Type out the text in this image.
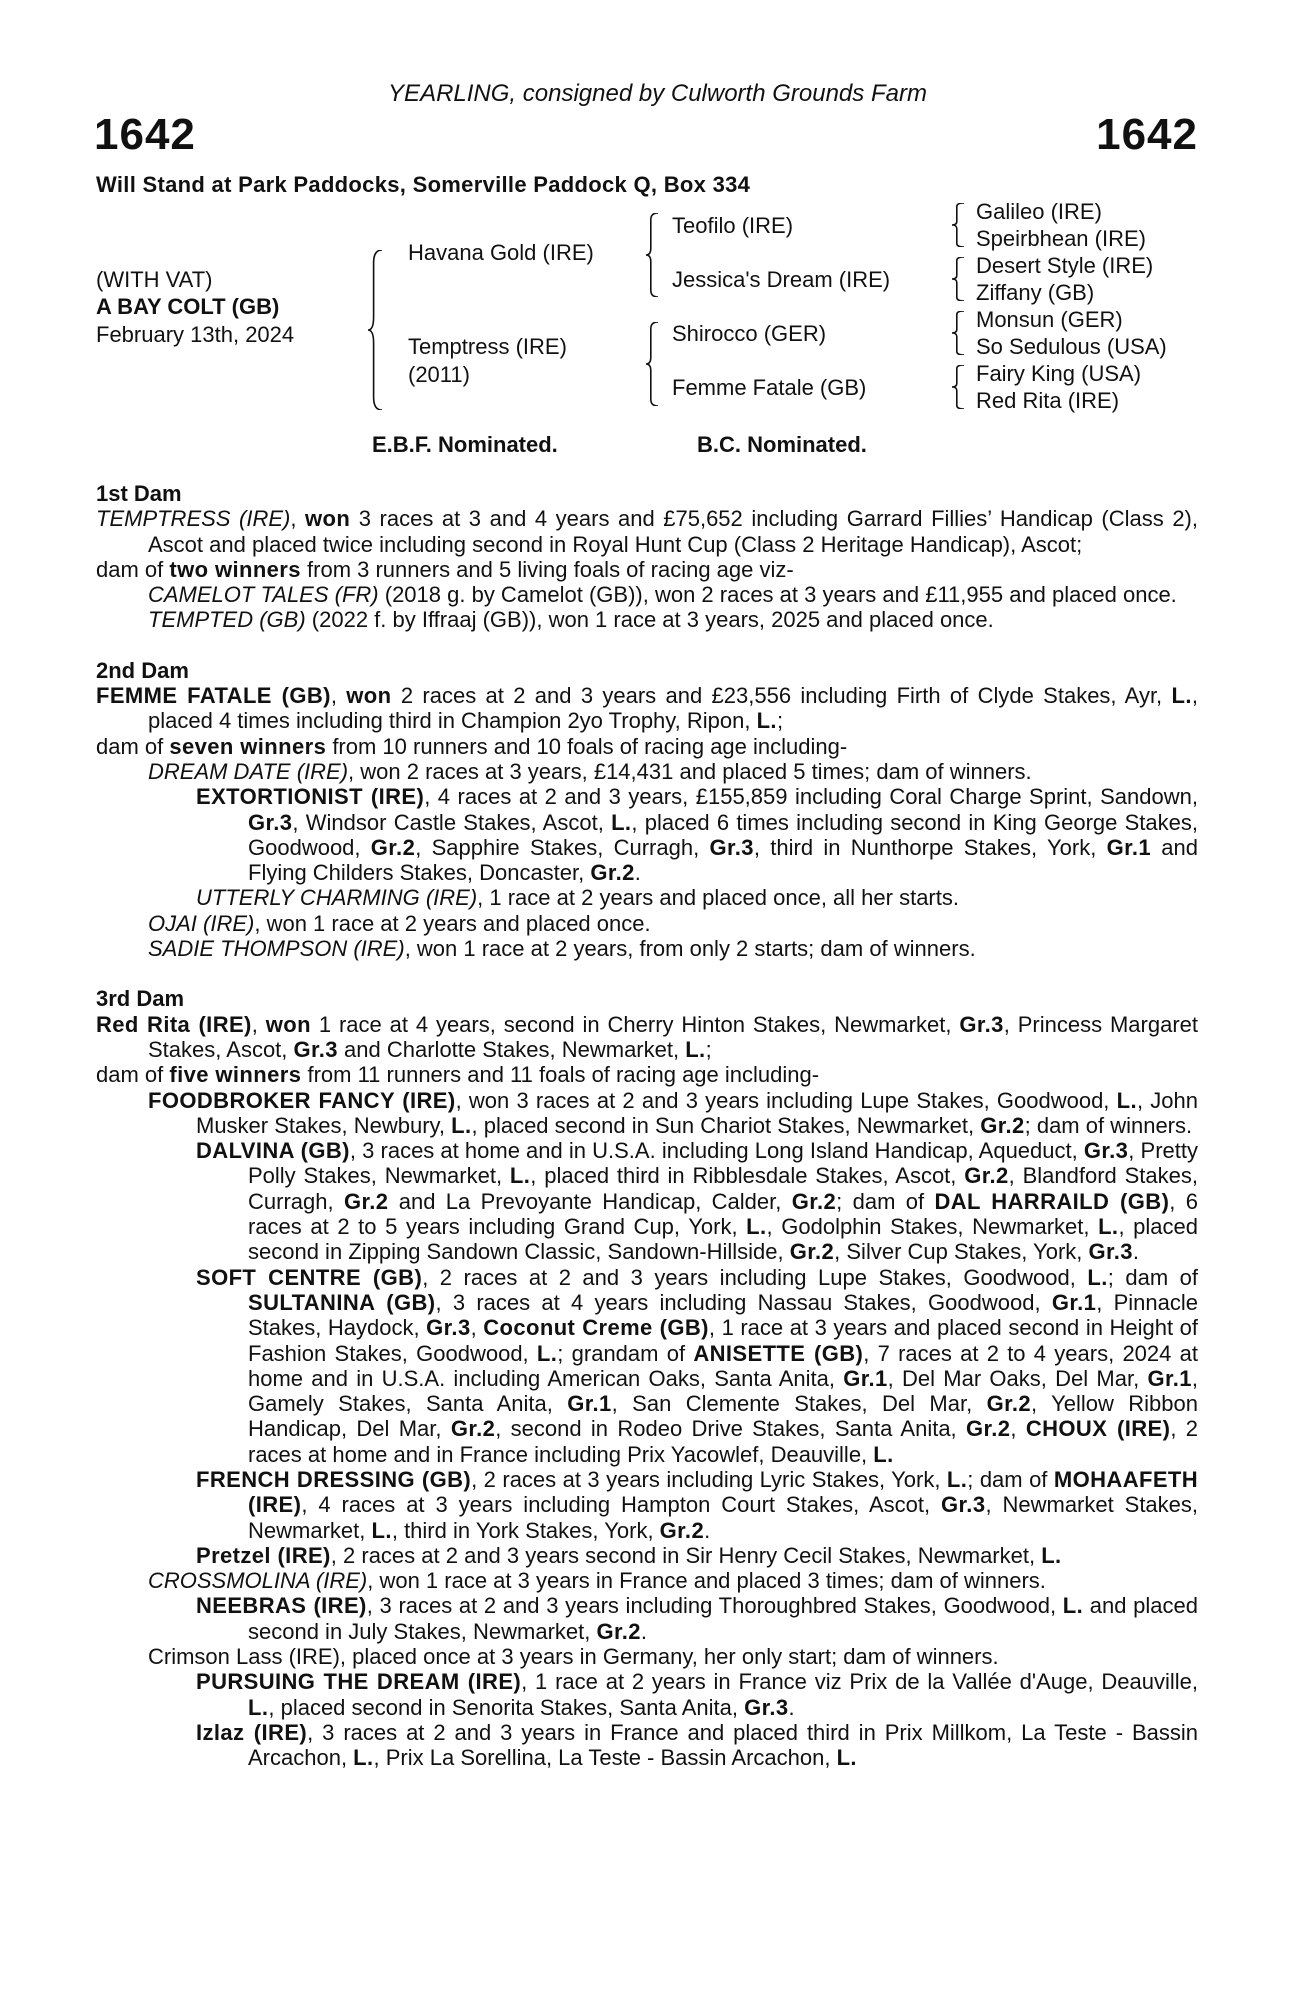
YEARLING, consigned by Culworth Grounds Farm
1642	1642
Will Stand at Park Paddocks, Somerville Paddock Q, Box 334
(WITH VAT)
A BAY COLT (GB)
February 13th, 2024
Havana Gold (IRE)
Temptress (IRE)
(2011)
Teofilo (IRE)
Jessica's Dream (IRE)
Shirocco (GER)
Femme Fatale (GB)
Galileo (IRE)
Speirbhean (IRE)
Desert Style (IRE)
Ziffany (GB)
Monsun (GER)
So Sedulous (USA)
Fairy King (USA)
Red Rita (IRE)
E.B.F. Nominated.	B.C. Nominated.
1st Dam

TEMPTRESS (IRE), won 3 races at 3 and 4 years and £75,652 including Garrard Fillies’ Handicap (Class 2), Ascot and placed twice including second in Royal Hunt Cup (Class 2 Heritage Handicap), Ascot;

dam of two winners from 3 runners and 5 living foals of racing age viz-

CAMELOT TALES (FR) (2018 g. by Camelot (GB)), won 2 races at 3 years and £11,955 and placed once.

TEMPTED (GB) (2022 f. by Iffraaj (GB)), won 1 race at 3 years, 2025 and placed once.

2nd Dam

FEMME FATALE (GB), won 2 races at 2 and 3 years and £23,556 including Firth of Clyde Stakes, Ayr, L., placed 4 times including third in Champion 2yo Trophy, Ripon, L.;

dam of seven winners from 10 runners and 10 foals of racing age including-

DREAM DATE (IRE), won 2 races at 3 years, £14,431 and placed 5 times; dam of winners.

EXTORTIONIST (IRE), 4 races at 2 and 3 years, £155,859 including Coral Charge Sprint, Sandown, Gr.3, Windsor Castle Stakes, Ascot, L., placed 6 times including second in King George Stakes, Goodwood, Gr.2, Sapphire Stakes, Curragh, Gr.3, third in Nunthorpe Stakes, York, Gr.1 and Flying Childers Stakes, Doncaster, Gr.2.

UTTERLY CHARMING (IRE), 1 race at 2 years and placed once, all her starts.

OJAI (IRE), won 1 race at 2 years and placed once.

SADIE THOMPSON (IRE), won 1 race at 2 years, from only 2 starts; dam of winners.

3rd Dam

Red Rita (IRE), won 1 race at 4 years, second in Cherry Hinton Stakes, Newmarket, Gr.3, Princess Margaret Stakes, Ascot, Gr.3 and Charlotte Stakes, Newmarket, L.;

dam of five winners from 11 runners and 11 foals of racing age including-

FOODBROKER FANCY (IRE), won 3 races at 2 and 3 years including Lupe Stakes, Goodwood, L., John Musker Stakes, Newbury, L., placed second in Sun Chariot Stakes, Newmarket, Gr.2; dam of winners.

DALVINA (GB), 3 races at home and in U.S.A. including Long Island Handicap, Aqueduct, Gr.3, Pretty Polly Stakes, Newmarket, L., placed third in Ribblesdale Stakes, Ascot, Gr.2, Blandford Stakes, Curragh, Gr.2 and La Prevoyante Handicap, Calder, Gr.2; dam of DAL HARRAILD (GB), 6 races at 2 to 5 years including Grand Cup, York, L., Godolphin Stakes, Newmarket, L., placed second in Zipping Sandown Classic, Sandown-Hillside, Gr.2, Silver Cup Stakes, York, Gr.3.

SOFT CENTRE (GB), 2 races at 2 and 3 years including Lupe Stakes, Goodwood, L.; dam of SULTANINA (GB), 3 races at 4 years including Nassau Stakes, Goodwood, Gr.1, Pinnacle Stakes, Haydock, Gr.3, Coconut Creme (GB), 1 race at 3 years and placed second in Height of Fashion Stakes, Goodwood, L.; grandam of ANISETTE (GB), 7 races at 2 to 4 years, 2024 at home and in U.S.A. including American Oaks, Santa Anita, Gr.1, Del Mar Oaks, Del Mar, Gr.1, Gamely Stakes, Santa Anita, Gr.1, San Clemente Stakes, Del Mar, Gr.2, Yellow Ribbon Handicap, Del Mar, Gr.2, second in Rodeo Drive Stakes, Santa Anita, Gr.2, CHOUX (IRE), 2 races at home and in France including Prix Yacowlef, Deauville, L.

FRENCH DRESSING (GB), 2 races at 3 years including Lyric Stakes, York, L.; dam of MOHAAFETH (IRE), 4 races at 3 years including Hampton Court Stakes, Ascot, Gr.3, Newmarket Stakes, Newmarket, L., third in York Stakes, York, Gr.2.

Pretzel (IRE), 2 races at 2 and 3 years second in Sir Henry Cecil Stakes, Newmarket, L.

CROSSMOLINA (IRE), won 1 race at 3 years in France and placed 3 times; dam of winners.

NEEBRAS (IRE), 3 races at 2 and 3 years including Thoroughbred Stakes, Goodwood, L. and placed second in July Stakes, Newmarket, Gr.2.

Crimson Lass (IRE), placed once at 3 years in Germany, her only start; dam of winners.

PURSUING THE DREAM (IRE), 1 race at 2 years in France viz Prix de la Vallée d'Auge, Deauville, L., placed second in Senorita Stakes, Santa Anita, Gr.3.

Izlaz (IRE), 3 races at 2 and 3 years in France and placed third in Prix Millkom, La Teste - Bassin Arcachon, L., Prix La Sorellina, La Teste - Bassin Arcachon, L.
